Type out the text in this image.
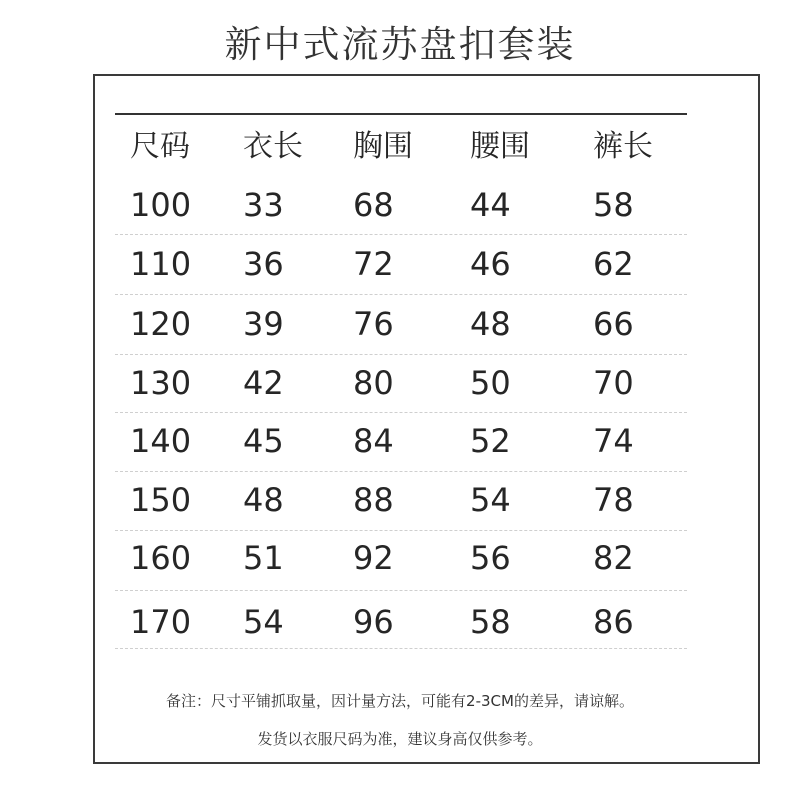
新中式流苏盘扣套装
尺码 衣长 胸围 腰围 裤长
100 33 68 44	58
110 36 72 46	62
120 39 76 48	66
130 42 80 50	70
140 45 84 52	74
150 48 88 54	78
160 51 92 56	82
170 54 96 58	86
备注：尺寸平铺抓取量，因计量方法，可能有2-3CM的差异，请谅解。
发货以衣服尺码为准，建议身高仅供参考。
